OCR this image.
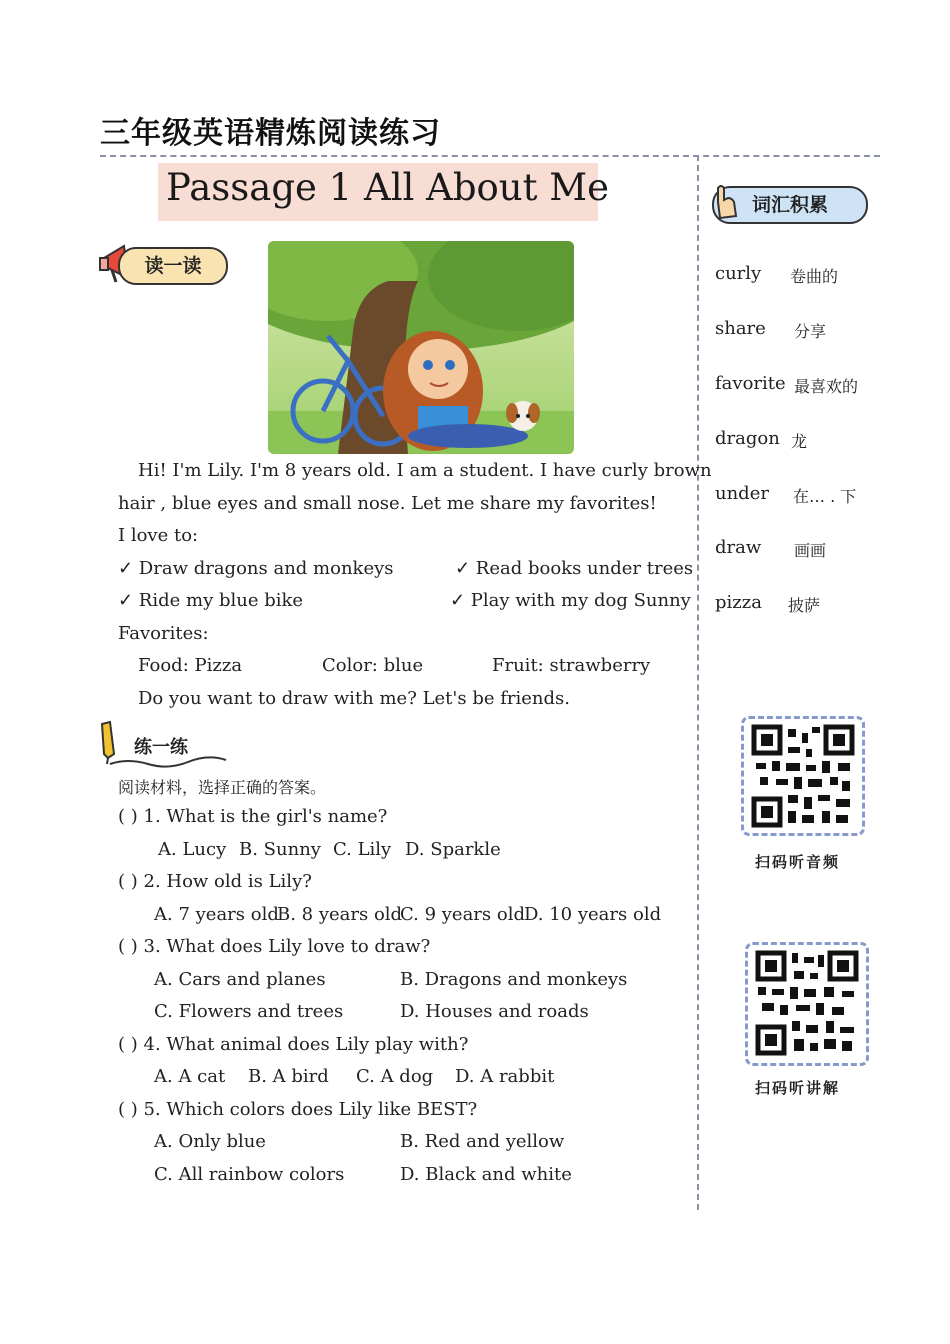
三年级英语精炼阅读练习
Passage 1 All About Me
读一读
Hi! I'm Lily. I'm 8 years old. I am a student. I have curly brown
hair , blue eyes and small nose. Let me share my favorites!
I love to:
✓ Draw dragons and monkeys	✓ Read books under trees
✓ Ride my blue bike	✓ Play with my dog Sunny
Favorites:
Food: Pizza	Color: blue	Fruit: strawberry
Do you want to draw with me? Let's be friends.
练一练
阅读材料，选择正确的答案。
( ) 1. What is the girl's name?
A. Lucy B. Sunny C. Lily D. Sparkle
( ) 2. How old is Lily?
A. 7 years old
B. 8 years old
C. 9 years old D. 10 years old
( ) 3. What does Lily love to draw?
A. Cars and planes	B. Dragons and monkeys
C. Flowers and trees	D. Houses and roads
( ) 4. What animal does Lily play with?
A. A cat B. A bird C. A dog D. A rabbit
( ) 5. Which colors does Lily like BEST?
A. Only blue	B. Red and yellow
C. All rainbow colors	D. Black and white
词汇积累
curly 卷曲的
share 分享
favorite 最喜欢的
dragon 龙
under 在… . 下
draw 画画
pizza 披萨
扫码听音频
扫码听讲解
